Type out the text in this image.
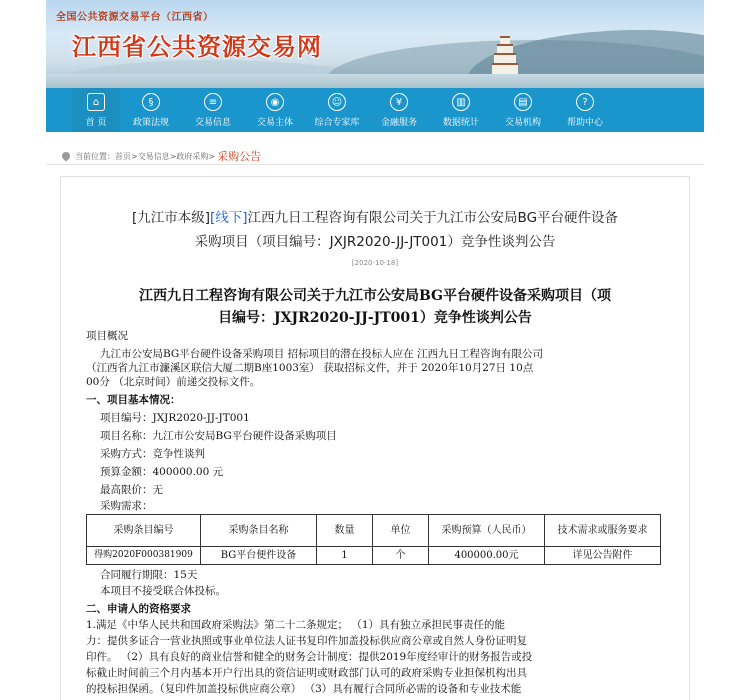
全国公共资源交易平台（江西省）
江西省公共资源交易网
⌂
首 页
§
政策法规
≡
交易信息
◉
交易主体
☺
综合专家库
¥
金融服务
▥
数据统计
▤
交易机构
?
帮助中心
当前位置： 首页 > 交易信息 > 政府采购 > 采购公告
[九江市本级][线下]江西九日工程咨询有限公司关于九江市公安局BG平台硬件设备
采购项目（项目编号：JXJR2020-JJ-JT001）竞争性谈判公告
[2020-10-18]
江西九日工程咨询有限公司关于九江市公安局BG平台硬件设备采购项目（项
目编号：JXJR2020-JJ-JT001）竞争性谈判公告
项目概况
九江市公安局BG平台硬件设备采购项目 招标项目的潜在投标人应在 江西九日工程咨询有限公司
（江西省九江市濂溪区联信大厦二期B座1003室） 获取招标文件，并于 2020年10月27日 10点
00分 （北京时间）前递交投标文件。
一、项目基本情况：
项目编号：JXJR2020-JJ-JT001
项目名称：九江市公安局BG平台硬件设备采购项目
采购方式：竞争性谈判
预算金额：400000.00 元
最高限价：无
采购需求：
合同履行期限：15天
本项目不接受联合体投标。
二、申请人的资格要求
1.满足《中华人民共和国政府采购法》第二十二条规定； （1）具有独立承担民事责任的能
力：提供多证合一营业执照或事业单位法人证书复印件加盖投标供应商公章或自然人身份证明复
印件。 （2）具有良好的商业信誉和健全的财务会计制度：提供2019年度经审计的财务报告或投
标截止时间前三个月内基本开户行出具的资信证明或财政部门认可的政府采购专业担保机构出具
的投标担保函。（复印件加盖投标供应商公章） （3）具有履行合同所必需的设备和专业技术能
采购条目编号	采购条目名称	数量	单位	采购预算（人民币）	技术需求或服务要求
得购2020F000381909	BG平台便件设备	1	个	400000.00元	详见公告附件
